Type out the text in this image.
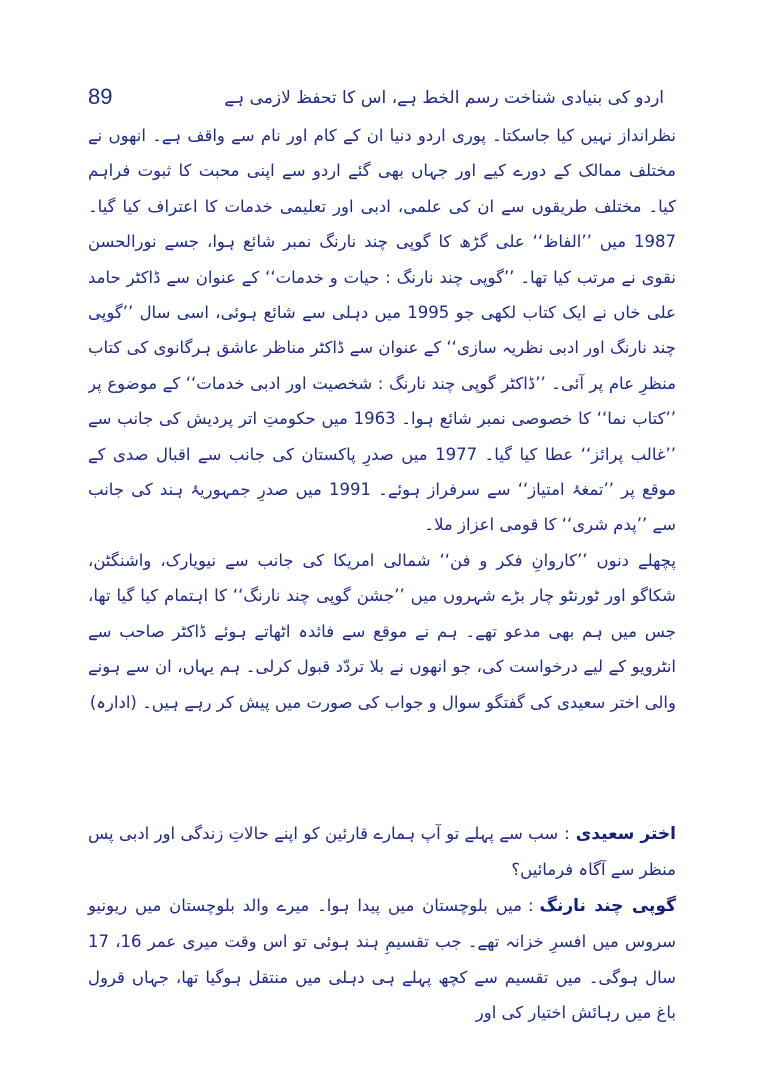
89	اردو کی بنیادی شناخت رسم الخط ہے، اس کا تحفظ لازمی ہے

نظرانداز نہیں کیا جاسکتا۔ پوری اردو دنیا ان کے کام اور نام سے واقف ہے۔ انھوں نے مختلف ممالک کے دورے کیے اور جہاں بھی گئے اردو سے اپنی محبت کا ثبوت فراہم کیا۔ مختلف طریقوں سے ان کی علمی، ادبی اور تعلیمی خدمات کا اعتراف کیا گیا۔ 1987 میں ’’الفاظ‘‘ علی گڑھ کا گوپی چند نارنگ نمبر شائع ہوا، جسے نورالحسن نقوی نے مرتب کیا تھا۔ ’’گوپی چند نارنگ : حیات و خدمات‘‘ کے عنوان سے ڈاکٹر حامد علی خاں نے ایک کتاب لکھی جو 1995 میں دہلی سے شائع ہوئی، اسی سال ’’گوپی چند نارنگ اور ادبی نظریہ سازی‘‘ کے عنوان سے ڈاکٹر مناظر عاشق ہرگانوی کی کتاب منظرِ عام پر آئی۔ ’’ڈاکٹر گوپی چند نارنگ : شخصیت اور ادبی خدمات‘‘ کے موضوع پر ’’کتاب نما‘‘ کا خصوصی نمبر شائع ہوا۔ 1963 میں حکومتِ اتر پردیش کی جانب سے ’’غالب پرائز‘‘ عطا کیا گیا۔ 1977 میں صدرِ پاکستان کی جانب سے اقبال صدی کے موقع پر ’’تمغۂ امتیاز‘‘ سے سرفراز ہوئے۔ 1991 میں صدرِ جمہوریۂ ہند کی جانب سے ’’پدم شری‘‘ کا قومی اعزاز ملا۔

پچھلے دنوں ’’کاروانِ فکر و فن‘‘ شمالی امریکا کی جانب سے نیویارک، واشنگٹن، شکاگو اور ٹورنٹو چار بڑے شہروں میں ’’جشن گوپی چند نارنگ‘‘ کا اہتمام کیا گیا تھا، جس میں ہم بھی مدعو تھے۔ ہم نے موقع سے فائدہ اٹھاتے ہوئے ڈاکٹر صاحب سے انٹرویو کے لیے درخواست کی، جو انھوں نے بلا تردّد قبول کرلی۔ ہم یہاں، ان سے ہونے والی اختر سعیدی کی گفتگو سوال و جواب کی صورت میں پیش کر رہے ہیں۔ (ادارہ)

اختر سعیدی:سب سے پہلے تو آپ ہمارے قارئین کو اپنے حالاتِ زندگی اور ادبی پس منظر سے آگاہ فرمائیں؟

گوپی چند نارنگ:میں بلوچستان میں پیدا ہوا۔ میرے والد بلوچستان میں ریونیو سروس میں افسرِ خزانہ تھے۔ جب تقسیمِ ہند ہوئی تو اس وقت میری عمر 16، 17 سال ہوگی۔ میں تقسیم سے کچھ پہلے ہی دہلی میں منتقل ہوگیا تھا، جہاں قرول باغ میں رہائش اختیار کی اور
